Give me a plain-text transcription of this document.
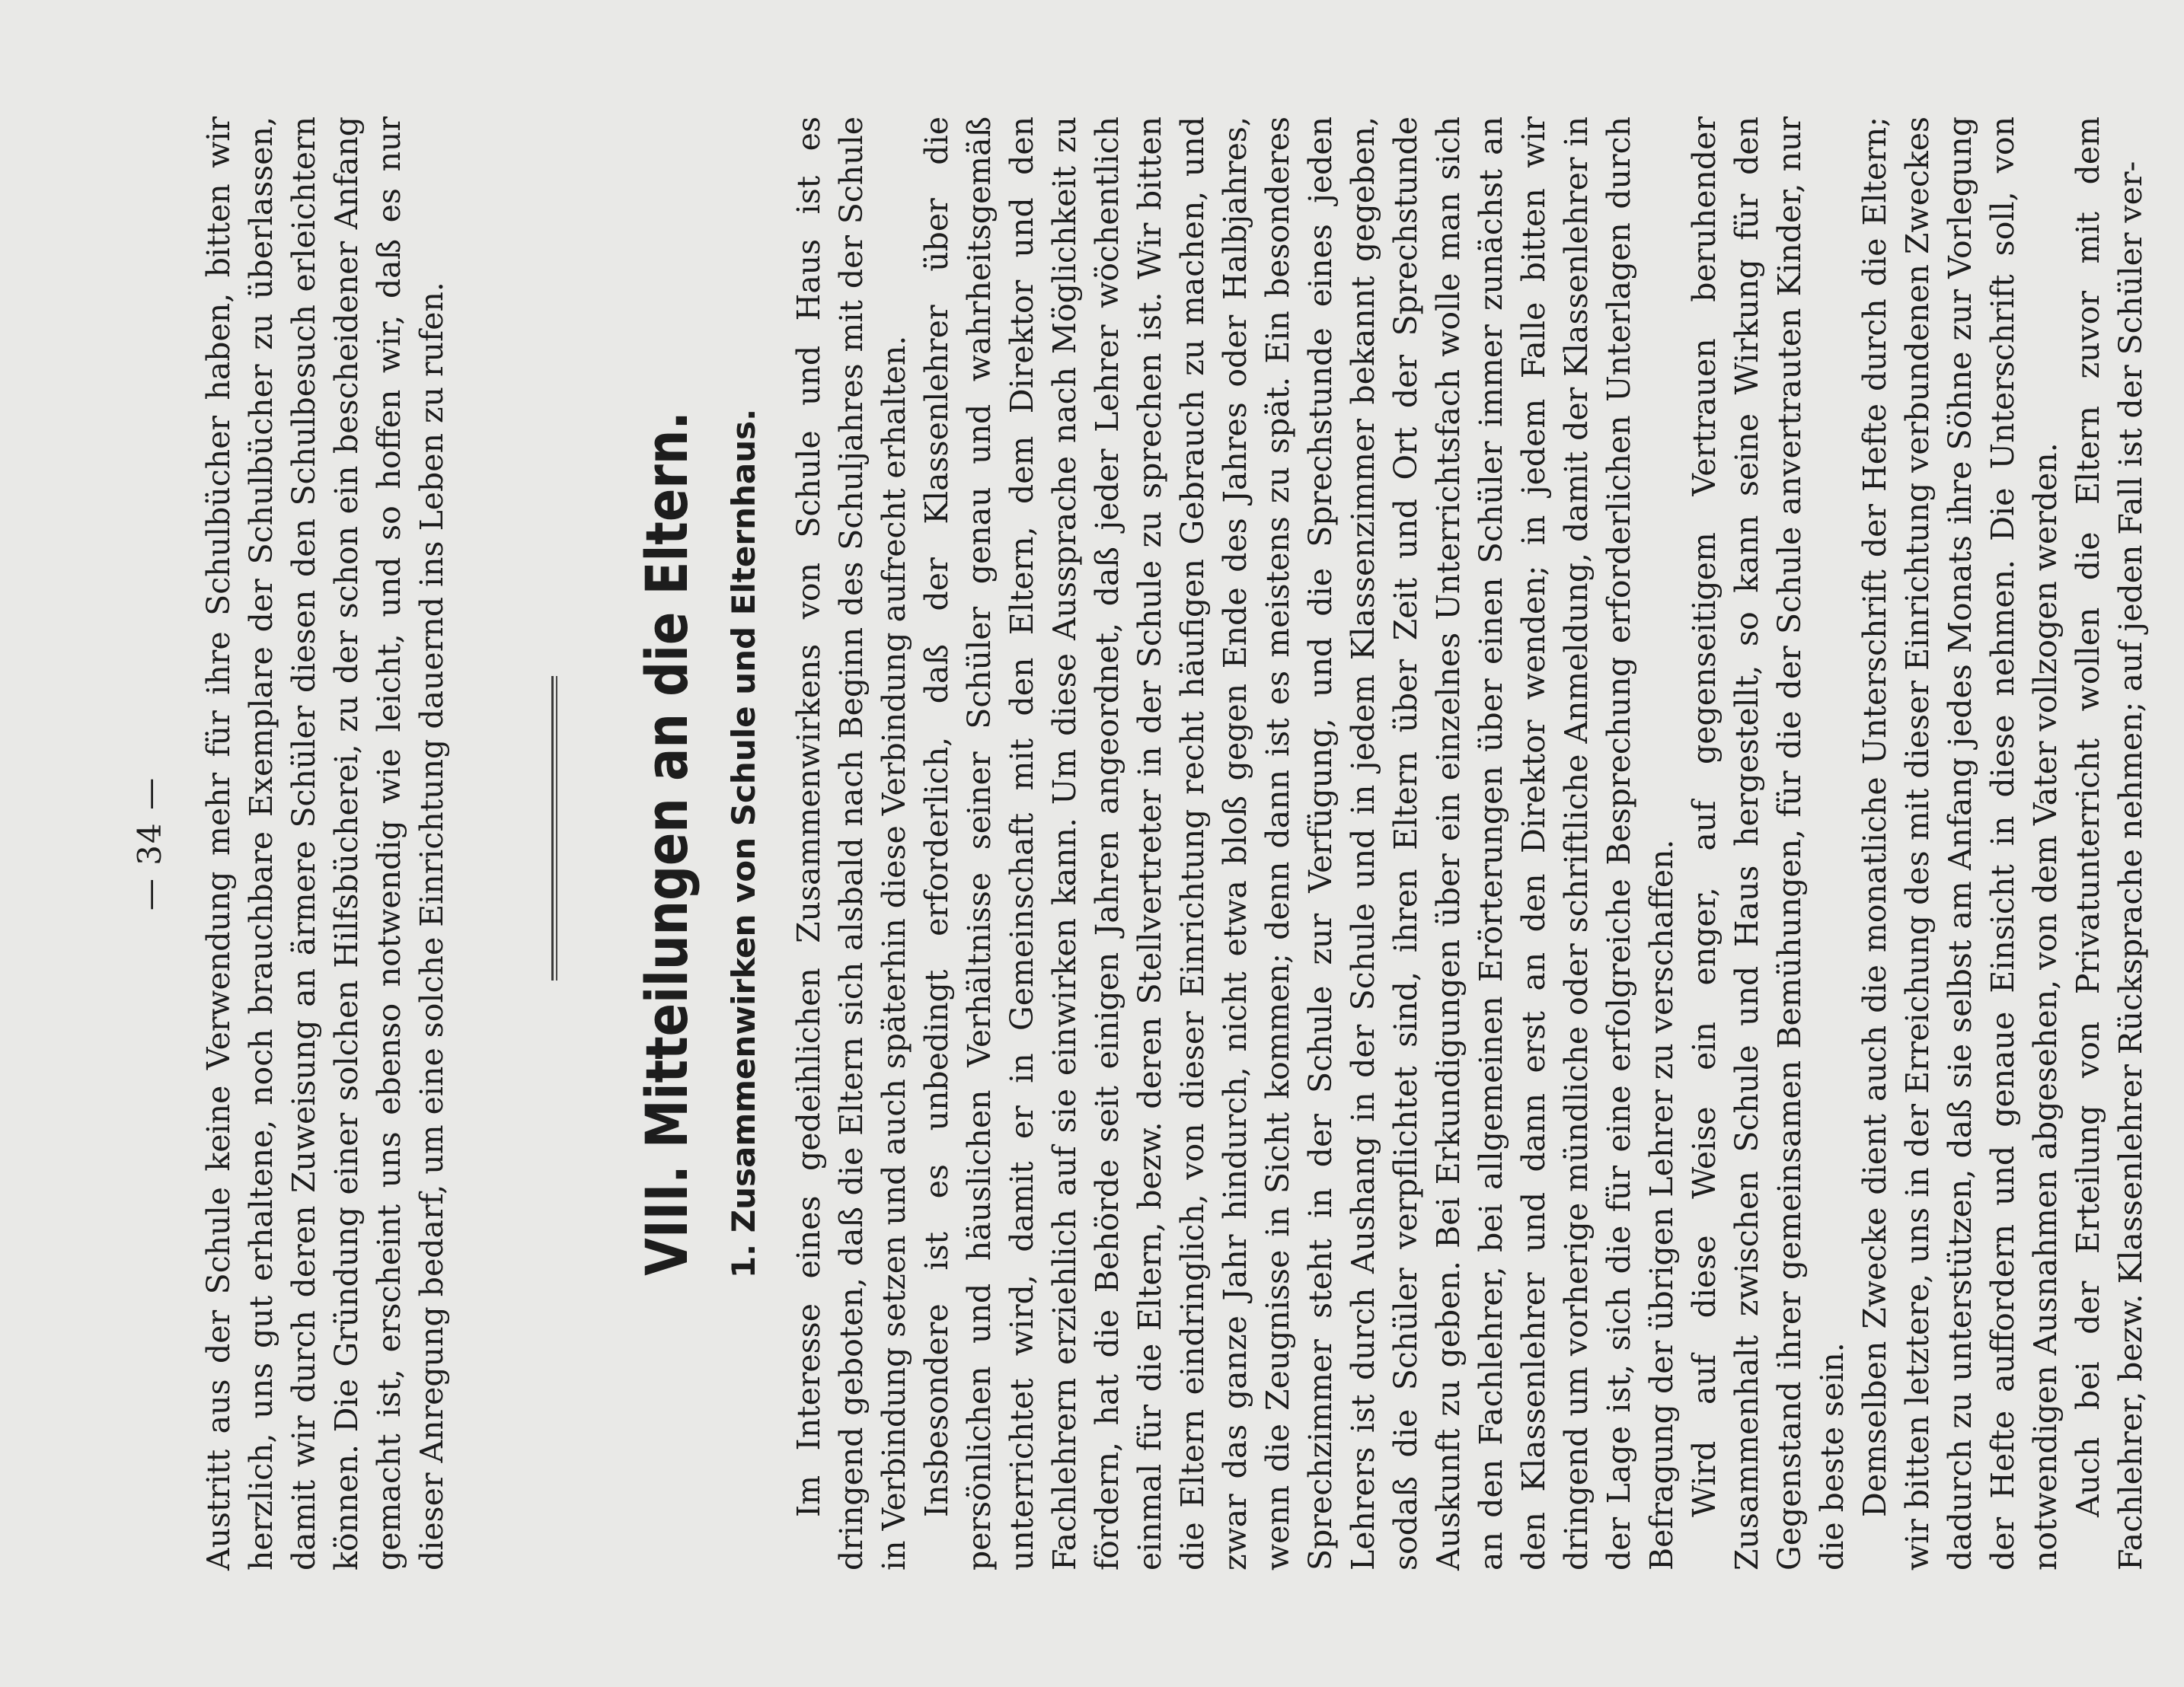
— 34 — Austritt aus der Schule keine Verwendung mehr für ihre Schulbücher haben, bitten wir herzlich, uns gut erhaltene, noch brauchbare Exemplare der Schulbücher zu überlassen, damit wir durch deren Zuweisung an ärmere Schüler diesen den Schulbesuch erleichtern können. Die Gründung einer solchen Hilfsbücherei, zu der schon ein bescheidener Anfang gemacht ist, erscheint uns ebenso notwendig wie leicht, und so hoffen wir, daß es nur dieser Anregung bedarf, um eine solche Einrichtung dauernd ins Leben zu rufen.	VIII. Mitteilungen an die Eltern. 1. Zusammenwirken von Schule und Elternhaus. Im Interesse eines gedeihlichen Zusammenwirkens von Schule und Haus ist es dringend geboten, daß die Eltern sich alsbald nach Beginn des Schuljahres mit der Schule in Verbindung setzen und auch späterhin diese Verbindung aufrecht erhalten. Insbesondere ist es unbedingt erforderlich, daß der Klassenlehrer über die persönlichen und häuslichen Verhältnisse seiner Schüler genau und wahrheitsgemäß unterrichtet wird, damit er in Gemeinschaft mit den Eltern, dem Direktor und den Fachlehrern erziehlich auf sie einwirken kann. Um diese Aussprache nach Möglichkeit zu fördern, hat die Behörde seit einigen Jahren angeordnet, daß jeder Lehrer wöchentlich einmal für die Eltern, bezw. deren Stellvertreter in der Schule zu sprechen ist. Wir bitten die Eltern eindringlich, von dieser Einrichtung recht häufigen Gebrauch zu machen, und zwar das ganze Jahr hindurch, nicht etwa bloß gegen Ende des Jahres oder Halbjahres, wenn die Zeugnisse in Sicht kommen; denn dann ist es meistens zu spät. Ein besonderes Sprechzimmer steht in der Schule zur Verfügung, und die Sprechstunde eines jeden Lehrers ist durch Aushang in der Schule und in jedem Klassenzimmer bekannt gegeben, sodaß die Schüler verpflichtet sind, ihren Eltern über Zeit und Ort der Sprechstunde Auskunft zu geben. Bei Erkundigungen über ein einzelnes Unterrichtsfach wolle man sich an den Fachlehrer, bei allgemeinen Erörterungen über einen Schüler immer zunächst an den Klassenlehrer und dann erst an den Direktor wenden; in jedem Falle bitten wir dringend um vorherige mündliche oder schriftliche Anmeldung, damit der Klassenlehrer in der Lage ist, sich die für eine erfolgreiche Besprechung erforderlichen Unterlagen durch Befragung der übrigen Lehrer zu verschaffen. Wird auf diese Weise ein enger, auf gegenseitigem Vertrauen beruhender Zusammenhalt zwischen Schule und Haus hergestellt, so kann seine Wirkung für den Gegenstand ihrer gemeinsamen Bemühungen, für die der Schule anvertrauten Kinder, nur die beste sein. Demselben Zwecke dient auch die monatliche Unterschrift der Hefte durch die Eltern; wir bitten letztere, uns in der Erreichung des mit dieser Einrichtung verbundenen Zweckes dadurch zu unterstützen, daß sie selbst am Anfang jedes Monats ihre Söhne zur Vorlegung der Hefte auffordern und genaue Einsicht in diese nehmen. Die Unterschrift soll, von notwendigen Ausnahmen abgesehen, von dem Vater vollzogen werden. Auch bei der Erteilung von Privatunterricht wollen die Eltern zuvor mit dem Fachlehrer, bezw. Klassenlehrer Rücksprache nehmen; auf jeden Fall ist der Schüler ver-
